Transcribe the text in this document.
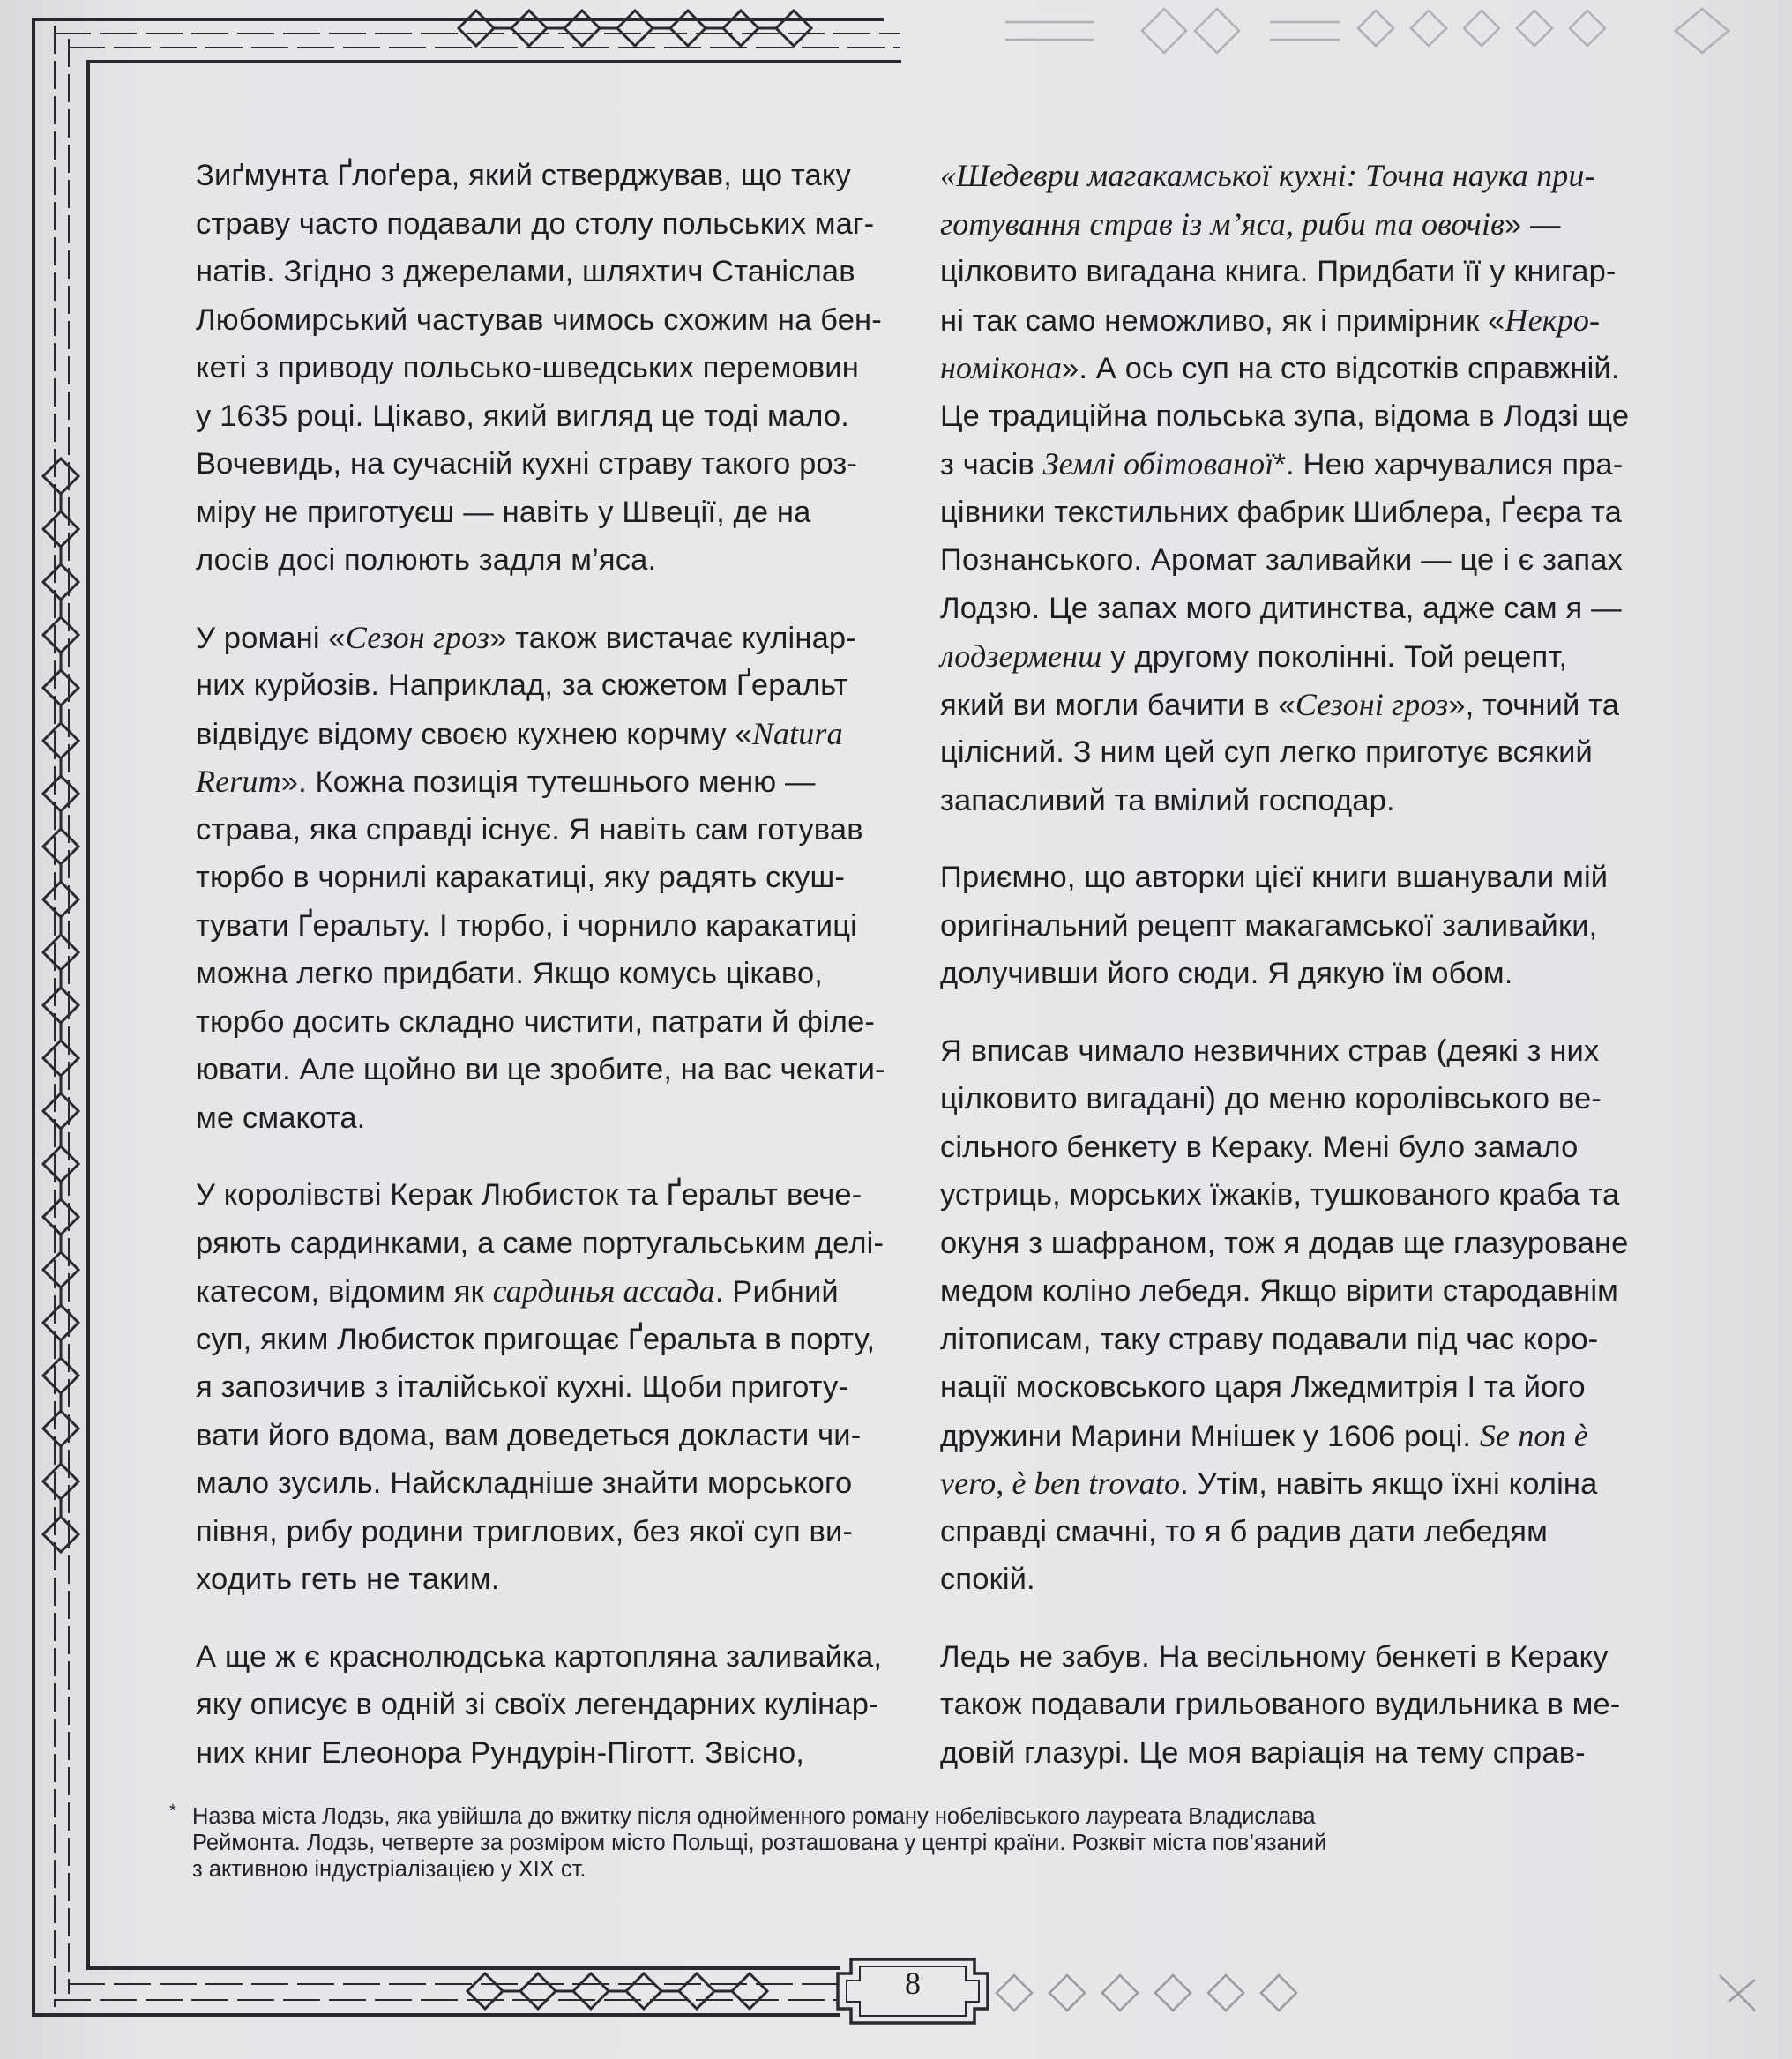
Зиґмунта Ґлоґера, який стверджував, що таку
страву часто подавали до столу польських маг-
натів. Згідно з джерелами, шляхтич Станіслав
Любомирський частував чимось схожим на бен-
кеті з приводу польсько-шведських перемовин
у 1635 році. Цікаво, який вигляд це тоді мало.
Вочевидь, на сучасній кухні страву такого роз-
міру не приготуєш — навіть у Швеції, де на
лосів досі полюють задля м’яса.
У романі «Сезон гроз» також вистачає кулінар-
них курйозів. Наприклад, за сюжетом Ґеральт
відвідує відому своєю кухнею корчму «Natura
Rerum». Кожна позиція тутешнього меню —
страва, яка справді існує. Я навіть сам готував
тюрбо в чорнилі каракатиці, яку радять скуш-
тувати Ґеральту. І тюрбо, і чорнило каракатиці
можна легко придбати. Якщо комусь цікаво,
тюрбо досить складно чистити, патрати й філе-
ювати. Але щойно ви це зробите, на вас чекати-
ме смакота.
У королівстві Керак Любисток та Ґеральт вече-
ряють сардинками, а саме португальським делі-
катесом, відомим як сардинья ассада. Рибний
суп, яким Любисток пригощає Ґеральта в порту,
я запозичив з італійської кухні. Щоби приготу-
вати його вдома, вам доведеться докласти чи-
мало зусиль. Найскладніше знайти морського
півня, рибу родини триглових, без якої суп ви-
ходить геть не таким.
А ще ж є краснолюдська картопляна заливайка,
яку описує в одній зі своїх легендарних кулінар-
них книг Елеонора Рундурін-Піготт. Звісно,
«Шедеври магакамської кухні: Точна наука при-
готування страв із м’яса, риби та овочів» —
цілковито вигадана книга. Придбати її у книгар-
ні так само неможливо, як і примірник «Некро-
номікона». А ось суп на сто відсотків справжній.
Це традиційна польська зупа, відома в Лодзі ще
з часів Землі обітованої*. Нею харчувалися пра-
цівники текстильних фабрик Шиблера, Ґеєра та
Познанського. Аромат заливайки — це і є запах
Лодзю. Це запах мого дитинства, адже сам я —
лодзерменш у другому поколінні. Той рецепт,
який ви могли бачити в «Сезоні гроз», точний та
цілісний. З ним цей суп легко приготує всякий
запасливий та вмілий господар.
Приємно, що авторки цієї книги вшанували мій
оригінальний рецепт макагамської заливайки,
долучивши його сюди. Я дякую їм обом.
Я вписав чимало незвичних страв (деякі з них
цілковито вигадані) до меню королівського ве-
сільного бенкету в Кераку. Мені було замало
устриць, морських їжаків, тушкованого краба та
окуня з шафраном, тож я додав ще глазуроване
медом коліно лебедя. Якщо вірити стародавнім
літописам, таку страву подавали під час коро-
нації московського царя Лжедмитрія І та його
дружини Марини Мнішек у 1606 році. Se non è
vero, è ben trovato. Утім, навіть якщо їхні коліна
справді смачні, то я б радив дати лебедям
спокій.
Ледь не забув. На весільному бенкеті в Кераку
також подавали грильованого вудильника в ме-
довій глазурі. Це моя варіація на тему справ-
* Назва міста Лодзь, яка увійшла до вжитку після однойменного роману нобелівського лауреата Владислава
Реймонта. Лодзь, четверте за розміром місто Польщі, розташована у центрі країни. Розквіт міста пов’язаний
з активною індустріалізацією у XIX ст.
8
